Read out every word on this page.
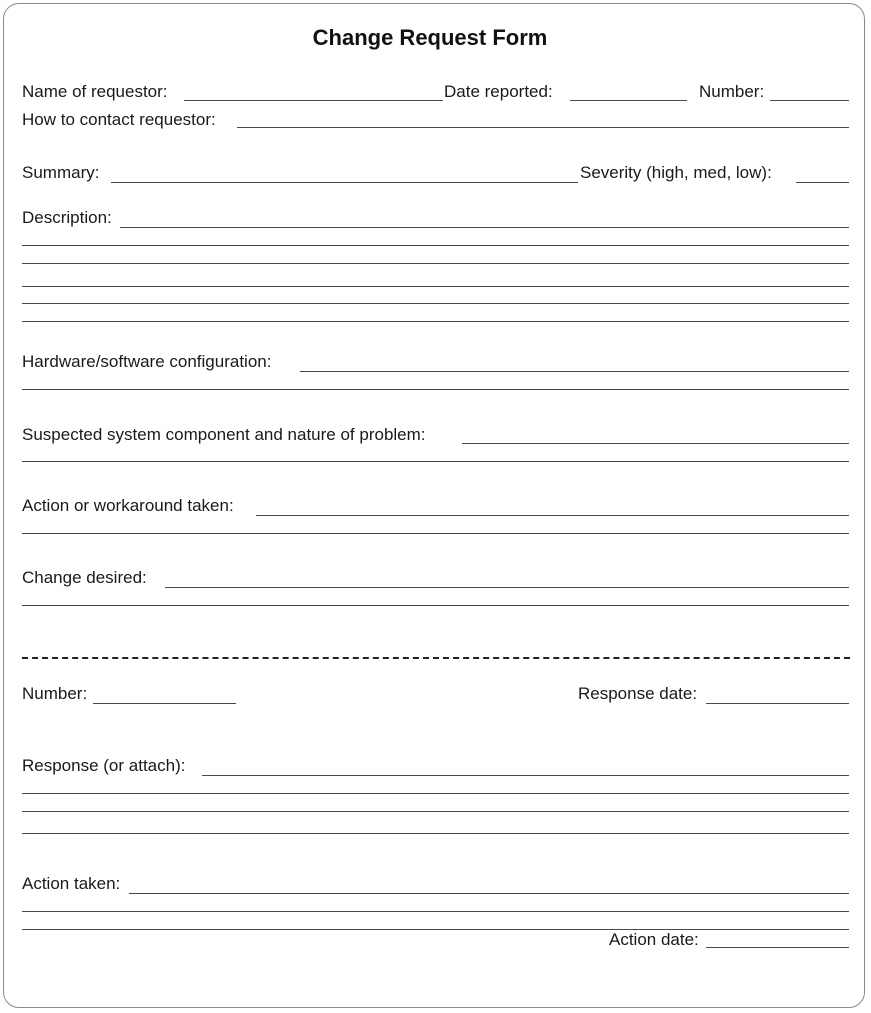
Change Request Form
Name of requestor:	Date reported:	Number:
How to contact requestor:
Summary:	Severity (high, med, low):
Description:
Hardware/software configuration:
Suspected system component and nature of problem:
Action or workaround taken:
Change desired:
Number:	Response date:
Response (or attach):
Action taken:
Action date:
